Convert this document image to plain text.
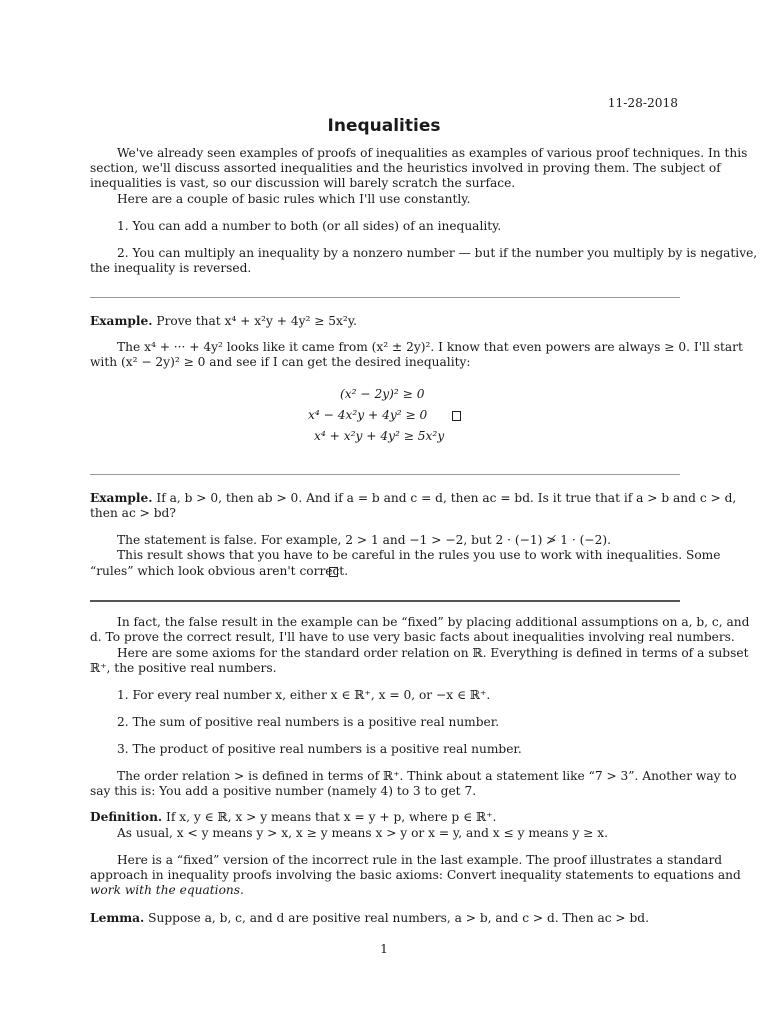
11-28-2018
Inequalities
We've already seen examples of proofs of inequalities as examples of various proof techniques. In this
section, we'll discuss assorted inequalities and the heuristics involved in proving them. The subject of
inequalities is vast, so our discussion will barely scratch the surface.
Here are a couple of basic rules which I'll use constantly.
1. You can add a number to both (or all sides) of an inequality.
2. You can multiply an inequality by a nonzero number — but if the number you multiply by is negative,
the inequality is reversed.
Example. Prove that x⁴ + x²y + 4y² ≥ 5x²y.
The x⁴ + ··· + 4y² looks like it came from (x² ± 2y)². I know that even powers are always ≥ 0. I'll start
with (x² − 2y)² ≥ 0 and see if I can get the desired inequality:
(x² − 2y)² ≥ 0
x⁴ − 4x²y + 4y² ≥ 0
x⁴ + x²y + 4y² ≥ 5x²y
Example. If a, b > 0, then ab > 0. And if a = b and c = d, then ac = bd. Is it true that if a > b and c > d,
then ac > bd?
The statement is false. For example, 2 > 1 and −1 > −2, but 2 · (−1) ≯ 1 · (−2).
This result shows that you have to be careful in the rules you use to work with inequalities. Some
“rules” which look obvious aren't correct.
In fact, the false result in the example can be “fixed” by placing additional assumptions on a, b, c, and
d. To prove the correct result, I'll have to use very basic facts about inequalities involving real numbers.
Here are some axioms for the standard order relation on ℝ. Everything is defined in terms of a subset
ℝ⁺, the positive real numbers.
1. For every real number x, either x ∈ ℝ⁺, x = 0, or −x ∈ ℝ⁺.
2. The sum of positive real numbers is a positive real number.
3. The product of positive real numbers is a positive real number.
The order relation > is defined in terms of ℝ⁺. Think about a statement like “7 > 3”. Another way to
say this is: You add a positive number (namely 4) to 3 to get 7.
Definition. If x, y ∈ ℝ, x > y means that x = y + p, where p ∈ ℝ⁺.
As usual, x < y means y > x, x ≥ y means x > y or x = y, and x ≤ y means y ≥ x.
Here is a “fixed” version of the incorrect rule in the last example. The proof illustrates a standard
approach in inequality proofs involving the basic axioms: Convert inequality statements to equations and
work with the equations.
Lemma. Suppose a, b, c, and d are positive real numbers, a > b, and c > d. Then ac > bd.
1
